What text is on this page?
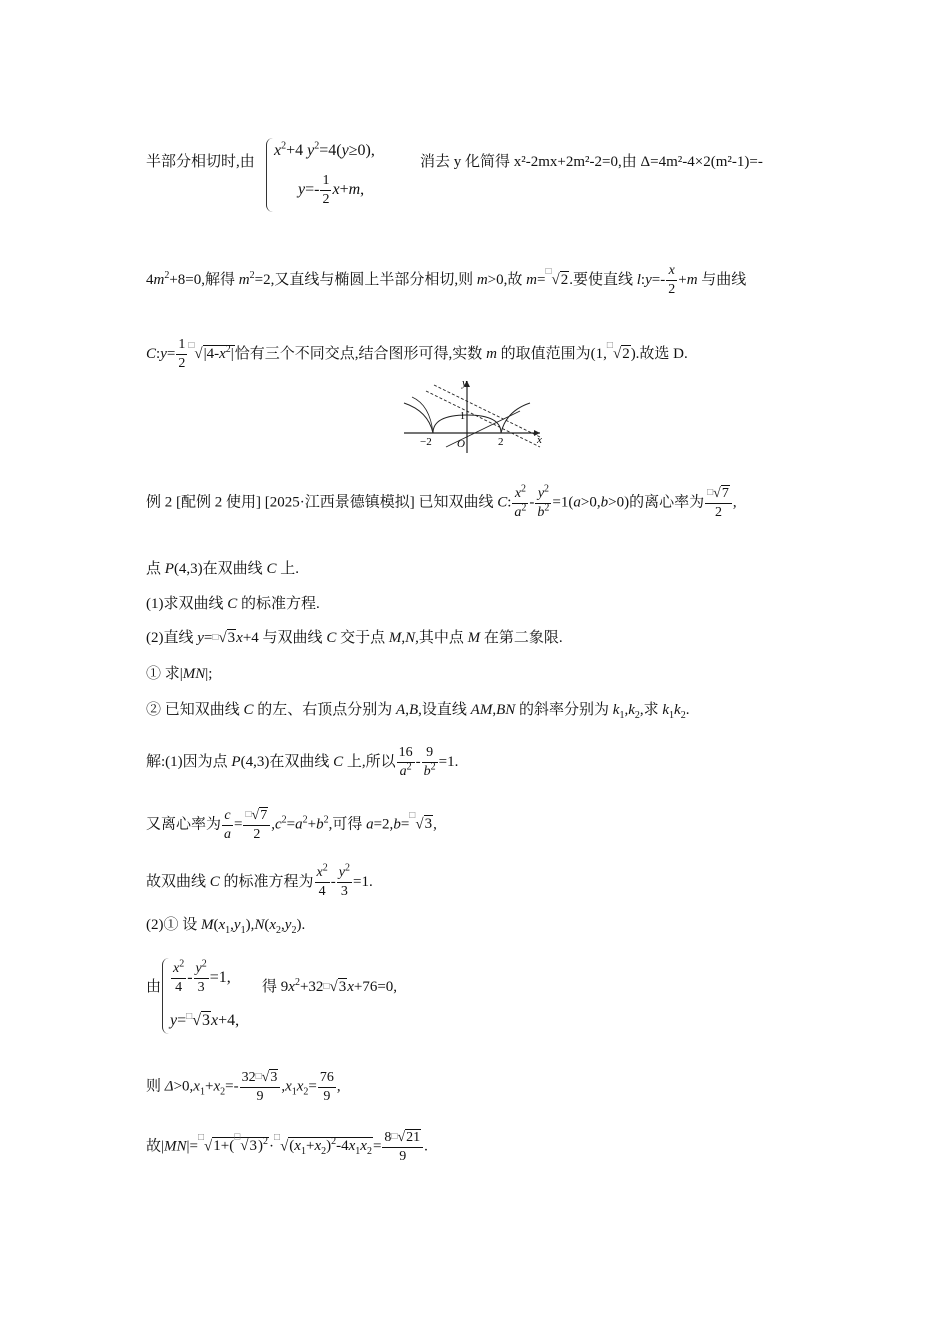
半部分相切时,由
$x^2+4$ $y^2=4(y\ge 0)$,
$y=- \frac{1}{2} x+m$,
消去 y 化简得 x²-2mx+2m²-2=0,由 Δ=4m²-4×2(m²-1)=-
$4m^2+8=0$,解得 $m^2=2$,又直线与椭圆上半部分相切,则 m>0,故 m=□√2.要使直线 l:y=- $\frac{x}{2} +m$ 与曲线
C:y= $\frac{1}{2} ^□√|4-x^2|$恰有三个不同交点,结合图形可得,实数 m 的取值范围为(1,□√2).故选 D.
y
x
O
−2	2
1
例 2 [配例 2 使用] [2025·江西景德镇模拟] 已知双曲线 C: $\frac{x^2}{a^2} - \frac{y^2}{b^2} =1(a>0,b>0)$的离心率为 $\frac{^□√7}{2}$ ,
点 P(4,3)在双曲线 C 上.
(1)求双曲线 C 的标准方程.
(2)直线 y=□√3x+4 与双曲线 C 交于点 M,N,其中点 M 在第二象限.
① 求|MN|;
② 已知双曲线 C 的左、右顶点分别为 A,B,设直线 AM,BN 的斜率分别为 $k_1,k_2$,求 $k_1k_2$.
解:(1)因为点 P(4,3)在双曲线 C 上,所以 $\frac{16}{a^2} - \frac{9}{b^2} =1$.
又离心率为 $\frac{c}{a} = \frac{^□√7}{2} ,c^2=a^2+b^2$,可得 a=2,b=□√3,
故双曲线 C 的标准方程为 $\frac{x^2}{4} - \frac{y^2}{3} =1$.
(2)① 设 $M(x_1,y_1),N(x_2,y_2)$.
由 $\frac{x^2}{4} - \frac{y^2}{3} =1$,
y=□√3x+4,
得 $9x^2+32^□√3x+76=0$,
则 $\Delta>0,x_1+x_2=- \frac{32^□√3}{9} ,x_1x_2= \frac{76}{9}$ ,
故$|MN|=^□√1+(^□√3)^2\cdot^□√(x_1+x_2)^2-4x_1x_2= \frac{8^□√21}{9}$ .
